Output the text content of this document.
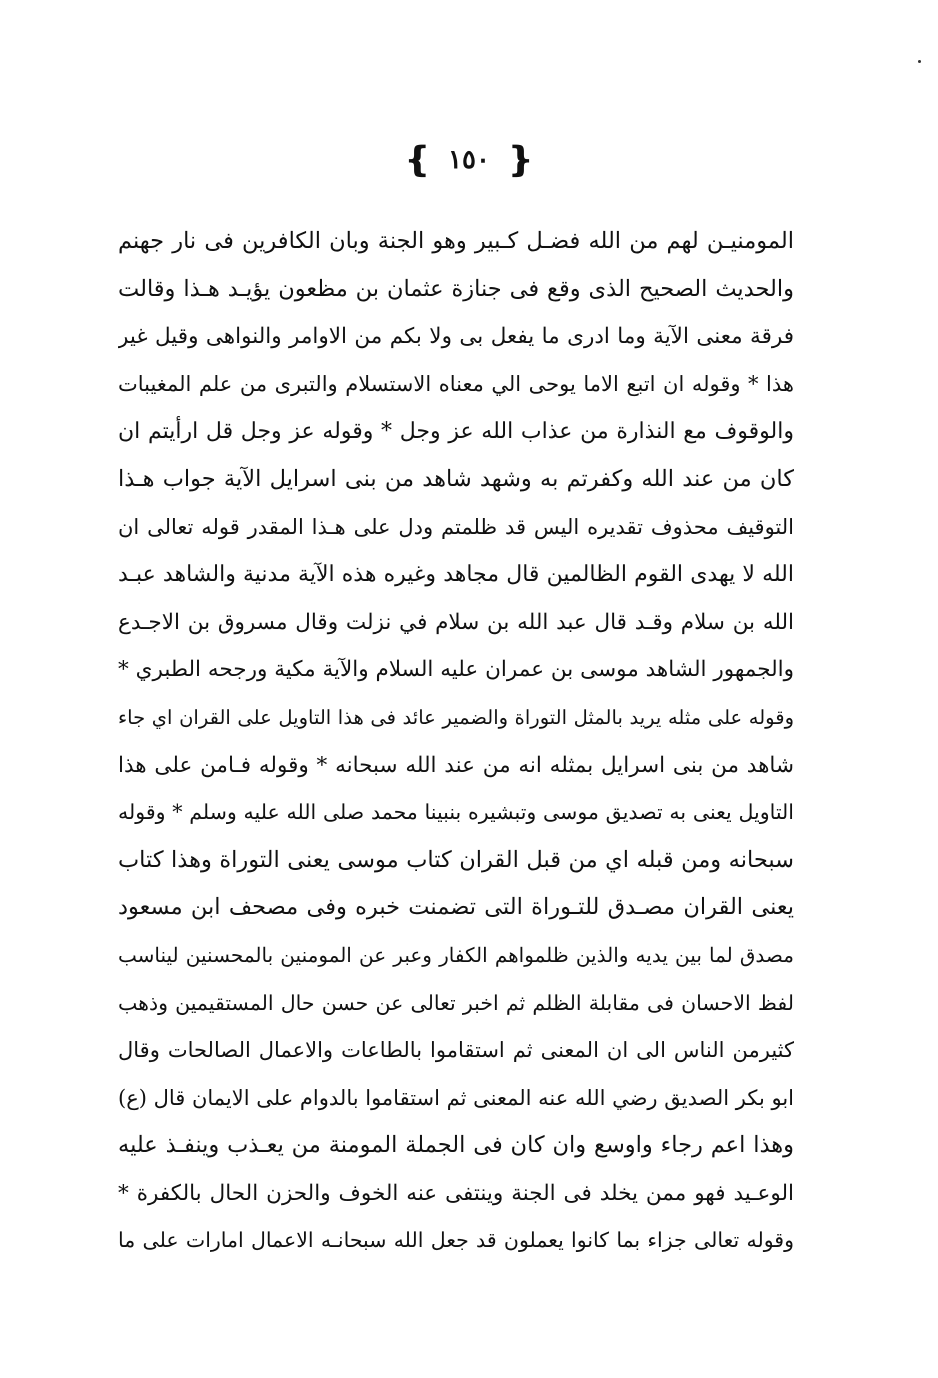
❴ ١٥٠ ❵
المومنيـن لهم من الله فضـل كـبير وهو الجنة وبان الكافرين فى نار جهنم
والحديث الصحيح الذى وقع فى جنازة عثمان بن مظعون يؤيـد هـذا وقالت
فرقة معنى الآية وما ادرى ما يفعل بى ولا بكم من الاوامر والنواهى وقيل غير
هذا * وقوله ان اتبع الاما يوحى الي معناه الاستسلام والتبرى من علم المغيبات
والوقوف مع النذارة من عذاب الله عز وجل * وقوله عز وجل قل ارأيتم ان
كان من عند الله وكفرتم به وشهد شاهد من بنى اسرايل الآية جواب هـذا
التوقيف محذوف تقديره اليس قد ظلمتم ودل على هـذا المقدر قوله تعالى ان
الله لا يهدى القوم الظالمين قال مجاهد وغيره هذه الآية مدنية والشاهد عبـد
الله بن سلام وقـد قال عبد الله بن سلام في نزلت وقال مسروق بن الاجـدع
والجمهور الشاهد موسى بن عمران عليه السلام والآية مكية ورجحه الطبري *
وقوله على مثله يريد بالمثل التوراة والضمير عائد فى هذا التاويل على القران اي جاء
شاهد من بنى اسرايل بمثله انه من عند الله سبحانه * وقوله فـامن على هذا
التاويل يعنى به تصديق موسى وتبشيره بنبينا محمد صلى الله عليه وسلم * وقوله
سبحانه ومن قبله اي من قبل القران كتاب موسى يعنى التوراة وهذا كتاب
يعنى القران مصـدق للتـوراة التى تضمنت خبره وفى مصحف ابن مسعود
مصدق لما بين يديه والذين ظلمواهم الكفار وعبر عن المومنين بالمحسنين ليناسب
لفظ الاحسان فى مقابلة الظلم ثم اخبر تعالى عن حسن حال المستقيمين وذهب
كثيرمن الناس الى ان المعنى ثم استقاموا بالطاعات والاعمال الصالحات وقال
ابو بكر الصديق رضي الله عنه المعنى ثم استقاموا بالدوام على الايمان قال (ع)
وهذا اعم رجاء واوسع وان كان فى الجملة المومنة من يعـذب وينفـذ عليه
الوعـيد فهو ممن يخلد فى الجنة وينتفى عنه الخوف والحزن الحال بالكفرة *
وقوله تعالى جزاء بما كانوا يعملون قد جعل الله سبحانـه الاعمال امارات على ما
